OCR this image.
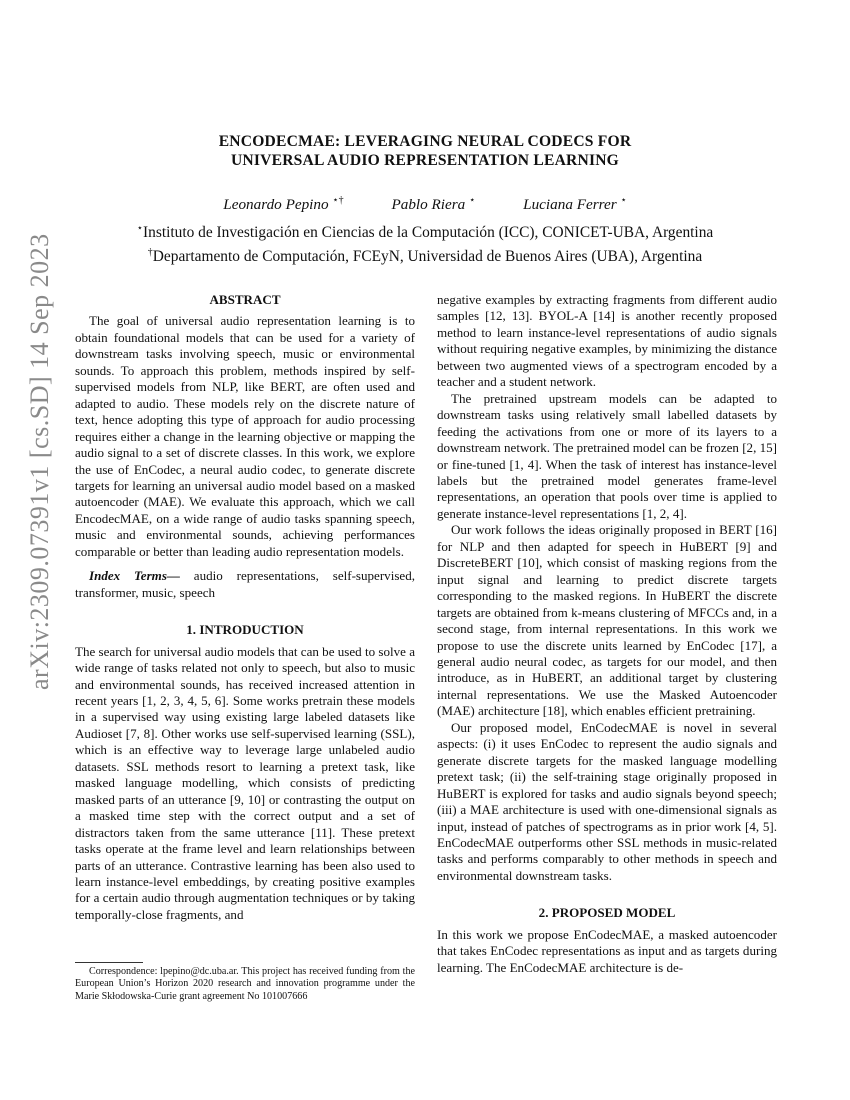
arXiv:2309.07391v1 [cs.SD] 14 Sep 2023
ENCODECMAE: LEVERAGING NEURAL CODECS FOR
UNIVERSAL AUDIO REPRESENTATION LEARNING
Leonardo Pepino ⋆†	Pablo Riera ⋆	Luciana Ferrer ⋆
⋆Instituto de Investigación en Ciencias de la Computación (ICC), CONICET-UBA, Argentina
†Departamento de Computación, FCEyN, Universidad de Buenos Aires (UBA), Argentina
ABSTRACT

The goal of universal audio representation learning is to obtain foundational models that can be used for a variety of downstream tasks involving speech, music or environmental sounds. To approach this problem, methods inspired by self-supervised models from NLP, like BERT, are often used and adapted to audio. These models rely on the discrete nature of text, hence adopting this type of approach for audio processing requires either a change in the learning objective or mapping the audio signal to a set of discrete classes. In this work, we explore the use of EnCodec, a neural audio codec, to generate discrete targets for learning an universal audio model based on a masked autoencoder (MAE). We evaluate this approach, which we call EncodecMAE, on a wide range of audio tasks spanning speech, music and environmental sounds, achieving performances comparable or better than leading audio representation models.

Index Terms— audio representations, self-supervised, transformer, music, speech

1. INTRODUCTION

The search for universal audio models that can be used to solve a wide range of tasks related not only to speech, but also to music and environmental sounds, has received increased attention in recent years [1, 2, 3, 4, 5, 6]. Some works pretrain these models in a supervised way using existing large labeled datasets like Audioset [7, 8]. Other works use self-supervised learning (SSL), which is an effective way to leverage large unlabeled audio datasets. SSL methods resort to learning a pretext task, like masked language modelling, which consists of predicting masked parts of an utterance [9, 10] or contrasting the output on a masked time step with the correct output and a set of distractors taken from the same utterance [11]. These pretext tasks operate at the frame level and learn relationships between parts of an utterance. Contrastive learning has been also used to learn instance-level embeddings, by creating positive examples for a certain audio through augmentation techniques or by taking temporally-close fragments, and

Correspondence: lpepino@dc.uba.ar. This project has received funding from the European Union’s Horizon 2020 research and innovation programme under the Marie Skłodowska-Curie grant agreement No 101007666

negative examples by extracting fragments from different audio samples [12, 13]. BYOL-A [14] is another recently proposed method to learn instance-level representations of audio signals without requiring negative examples, by minimizing the distance between two augmented views of a spectrogram encoded by a teacher and a student network.

The pretrained upstream models can be adapted to downstream tasks using relatively small labelled datasets by feeding the activations from one or more of its layers to a downstream network. The pretrained model can be frozen [2, 15] or fine-tuned [1, 4]. When the task of interest has instance-level labels but the pretrained model generates frame-level representations, an operation that pools over time is applied to generate instance-level representations [1, 2, 4].

Our work follows the ideas originally proposed in BERT [16] for NLP and then adapted for speech in HuBERT [9] and DiscreteBERT [10], which consist of masking regions from the input signal and learning to predict discrete targets corresponding to the masked regions. In HuBERT the discrete targets are obtained from k-means clustering of MFCCs and, in a second stage, from internal representations. In this work we propose to use the discrete units learned by EnCodec [17], a general audio neural codec, as targets for our model, and then introduce, as in HuBERT, an additional target by clustering internal representations. We use the Masked Autoencoder (MAE) architecture [18], which enables efficient pretraining.

Our proposed model, EnCodecMAE is novel in several aspects: (i) it uses EnCodec to represent the audio signals and generate discrete targets for the masked language modelling pretext task; (ii) the self-training stage originally proposed in HuBERT is explored for tasks and audio signals beyond speech; (iii) a MAE architecture is used with one-dimensional signals as input, instead of patches of spectrograms as in prior work [4, 5]. EnCodecMAE outperforms other SSL methods in music-related tasks and performs comparably to other methods in speech and environmental downstream tasks.

2. PROPOSED MODEL

In this work we propose EnCodecMAE, a masked autoencoder that takes EnCodec representations as input and as targets during learning. The EnCodecMAE architecture is de-
